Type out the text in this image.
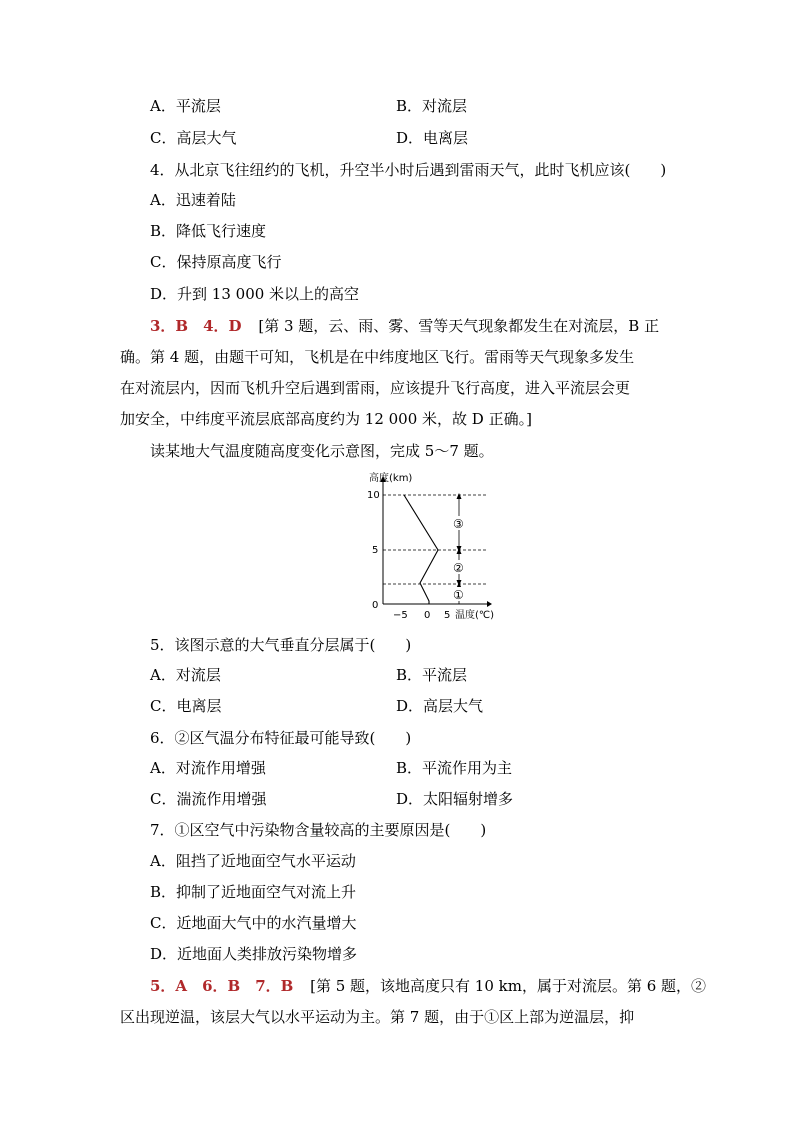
A．平流层	B．对流层
C．高层大气	D．电离层
4．从北京飞往纽约的飞机，升空半小时后遇到雷雨天气，此时飞机应该(　　)
A．迅速着陆
B．降低飞行速度
C．保持原高度飞行
D．升到 13 000 米以上的高空
3．B　4．D [第 3 题，云、雨、雾、雪等天气现象都发生在对流层，B 正
确。第 4 题，由题干可知，飞机是在中纬度地区飞行。雷雨等天气现象多发生
在对流层内，因而飞机升空后遇到雷雨，应该提升飞行高度，进入平流层会更
加安全，中纬度平流层底部高度约为 12 000 米，故 D 正确。]
读某地大气温度随高度变化示意图，完成 5～7 题。
高度(km)
温度(℃)
10
5
0
−5 0 5
③
②
①
5．该图示意的大气垂直分层属于(　　)
A．对流层	B．平流层
C．电离层	D．高层大气
6．②区气温分布特征最可能导致(　　)
A．对流作用增强	B．平流作用为主
C．湍流作用增强	D．太阳辐射增多
7．①区空气中污染物含量较高的主要原因是(　　)
A．阻挡了近地面空气水平运动
B．抑制了近地面空气对流上升
C．近地面大气中的水汽量增大
D．近地面人类排放污染物增多
5．A　6．B　7．B [第 5 题，该地高度只有 10 km，属于对流层。第 6 题，②
区出现逆温，该层大气以水平运动为主。第 7 题，由于①区上部为逆温层，抑
